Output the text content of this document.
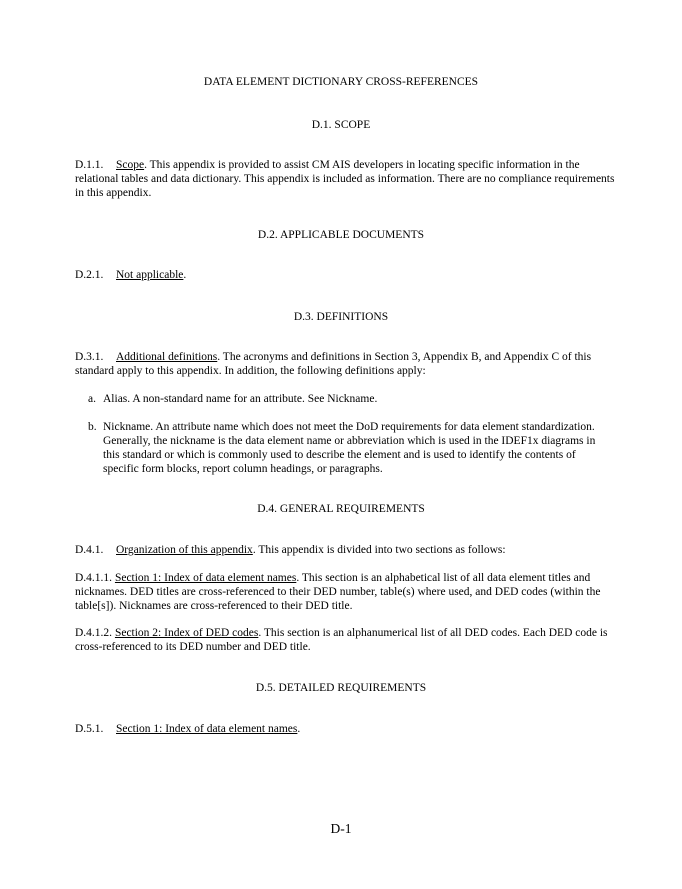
DATA ELEMENT DICTIONARY CROSS-REFERENCES

D.1. SCOPE

D.1.1. Scope. This appendix is provided to assist CM AIS developers in locating specific information in the relational tables and data dictionary. This appendix is included as information. There are no compliance requirements in this appendix.

D.2. APPLICABLE DOCUMENTS

D.2.1. Not applicable.

D.3. DEFINITIONS

D.3.1. Additional definitions. The acronyms and definitions in Section 3, Appendix B, and Appendix C of this standard apply to this appendix. In addition, the following definitions apply:

a. Alias. A non-standard name for an attribute. See Nickname.
b. Nickname. An attribute name which does not meet the DoD requirements for data element standardization. Generally, the nickname is the data element name or abbreviation which is used in the IDEF1x diagrams in this standard or which is commonly used to describe the element and is used to identify the contents of specific form blocks, report column headings, or paragraphs.

D.4. GENERAL REQUIREMENTS

D.4.1. Organization of this appendix. This appendix is divided into two sections as follows:

D.4.1.1. Section 1: Index of data element names. This section is an alphabetical list of all data element titles and nicknames. DED titles are cross-referenced to their DED number, table(s) where used, and DED codes (within the table[s]). Nicknames are cross-referenced to their DED title.

D.4.1.2. Section 2: Index of DED codes. This section is an alphanumerical list of all DED codes. Each DED code is cross-referenced to its DED number and DED title.

D.5. DETAILED REQUIREMENTS

D.5.1. Section 1: Index of data element names.

D-1
